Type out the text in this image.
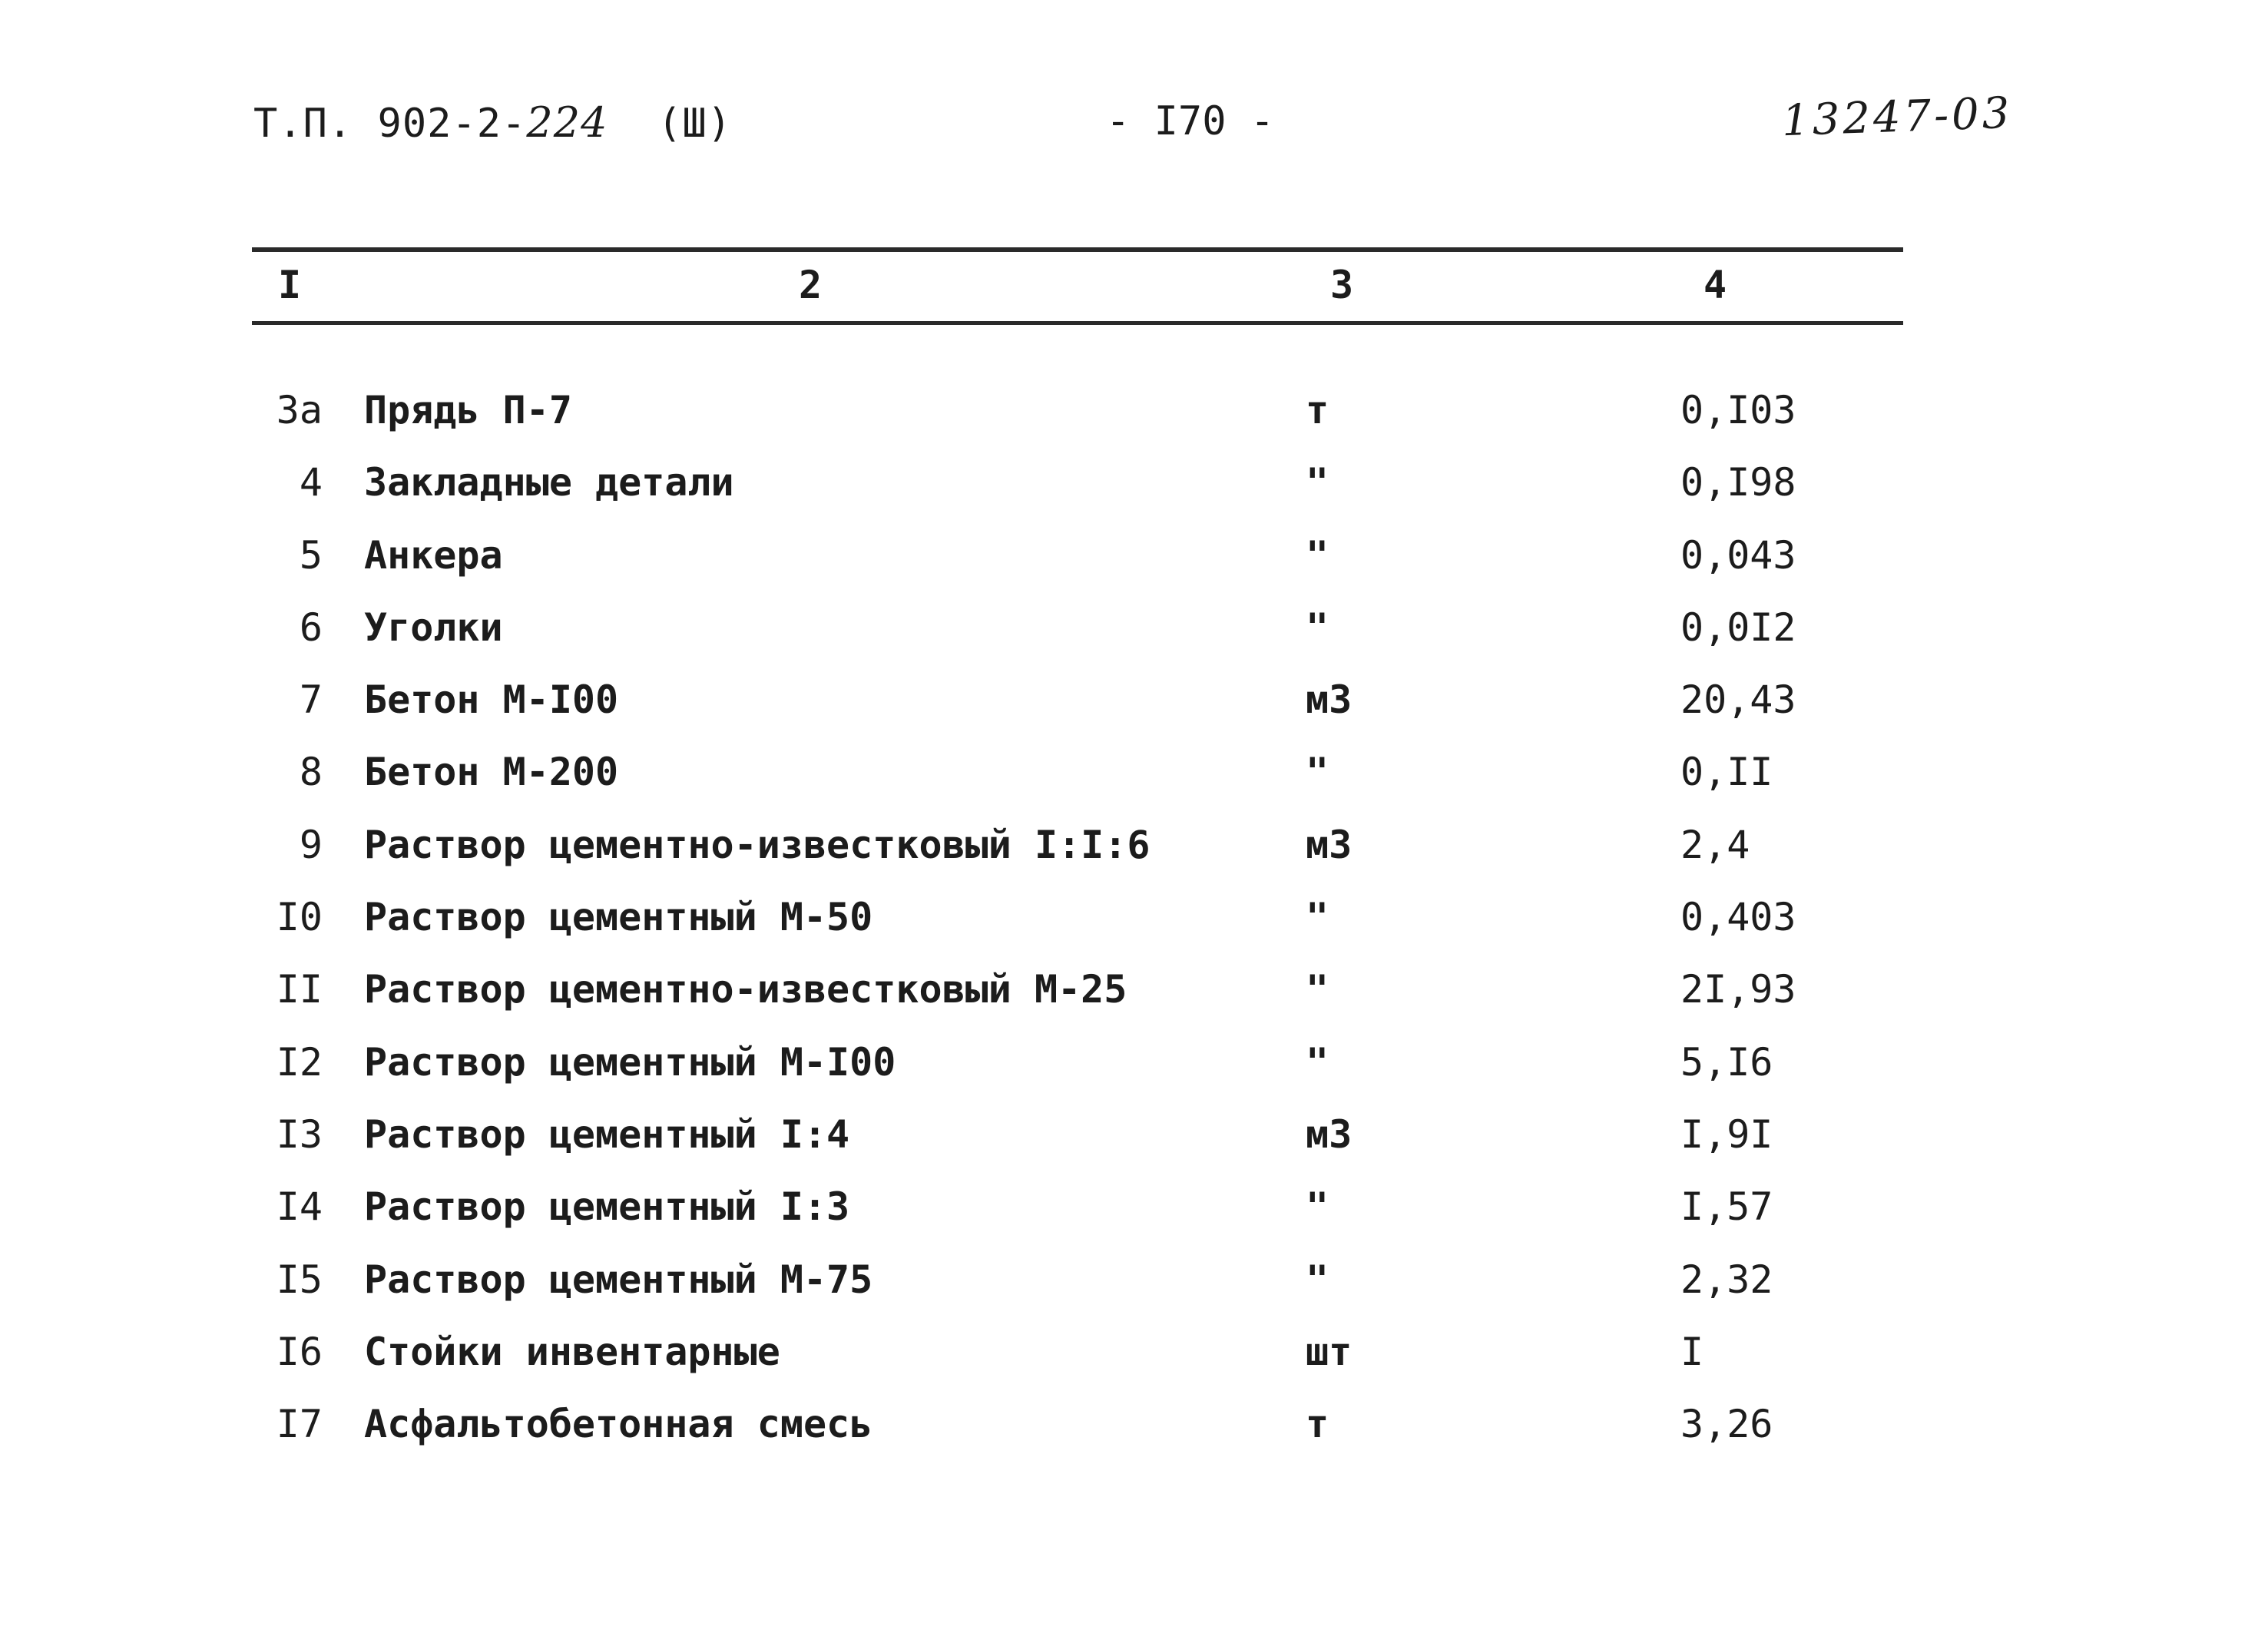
Т.П. 902-2-224 (Ш)	- I70 -	13247-03
I	2	3	4
3а Прядь П-7	т	0,I03
4 Закладные детали	"	0,I98
5 Анкера	"	0,043
6 Уголки	"	0,0I2
7 Бетон М-I00	м3	20,43
8 Бетон М-200	"	0,II
9 Раствор цементно-известковый I:I:6	м3	2,4
I0 Раствор цементный М-50	"	0,403
II Раствор цементно-известковый М-25	"	2I,93
I2 Раствор цементный М-I00	"	5,I6
I3 Раствор цементный I:4	м3	I,9I
I4 Раствор цементный I:3	"	I,57
I5 Раствор цементный М-75	"	2,32
I6 Стойки инвентарные	шт	I
I7 Асфальтобетонная смесь	т	3,26
